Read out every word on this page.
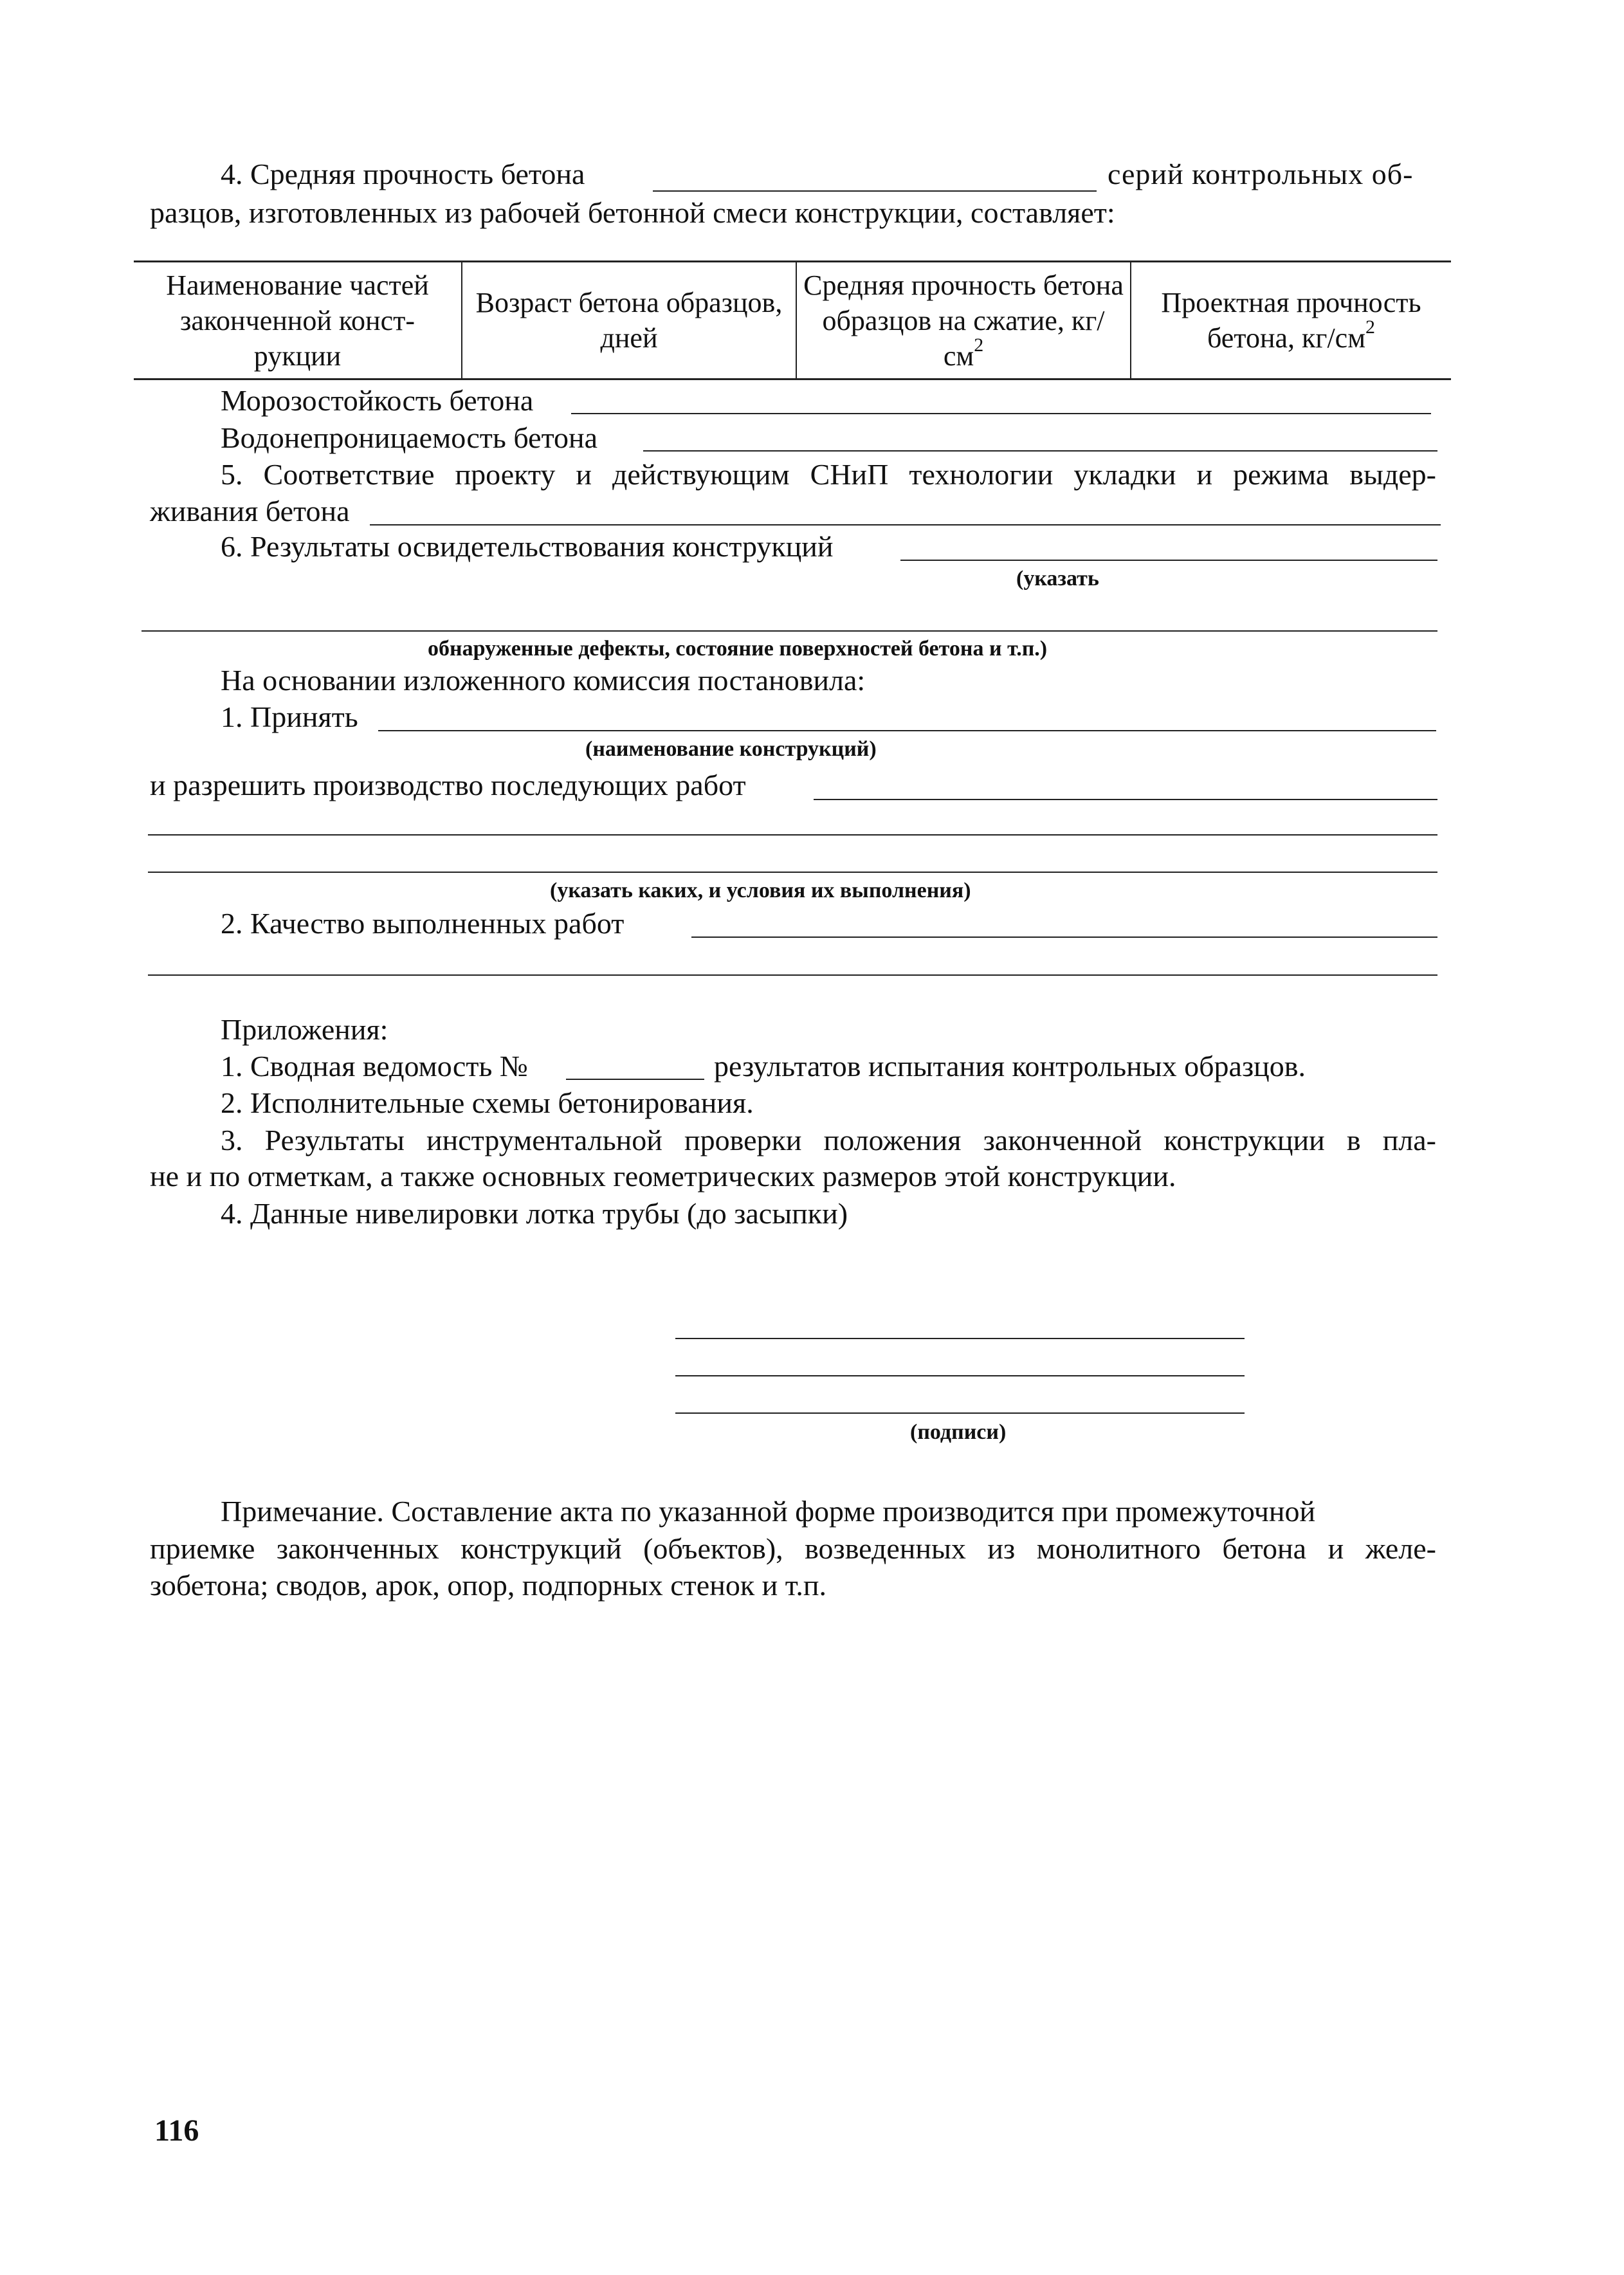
4. Средняя прочность бетона	серий контрольных об-
разцов, изготовленных из рабочей бетонной смеси конструкции, составляет:
Наименование частей законченной конст-рукции	Возраст бетона образцов, дней	Средняя прочность бетона образцов на сжатие, $кг/см^2$	Проектная прочность бетона, $кг/см^2$
Морозостойкость бетона
Водонепроницаемость бетона
5. Соответствие проекту и действующим СНиП технологии укладки и режима выдер-
живания бетона
6. Результаты освидетельствования конструкций
(указать
обнаруженные дефекты, состояние поверхностей бетона и т.п.)
На основании изложенного комиссия постановила:
1. Принять
(наименование конструкций)
и разрешить производство последующих работ
(указать каких, и условия их выполнения)
2. Качество выполненных работ
Приложения:
1. Сводная ведомость №	результатов испытания контрольных образцов.
2. Исполнительные схемы бетонирования.
3. Результаты инструментальной проверки положения законченной конструкции в пла-
не и по отметкам, а также основных геометрических размеров этой конструкции.
4. Данные нивелировки лотка трубы (до засыпки)
(подписи)
Примечание. Составление акта по указанной форме производится при промежуточной
приемке законченных конструкций (объектов), возведенных из монолитного бетона и желе-
зобетона; сводов, арок, опор, подпорных стенок и т.п.
116
